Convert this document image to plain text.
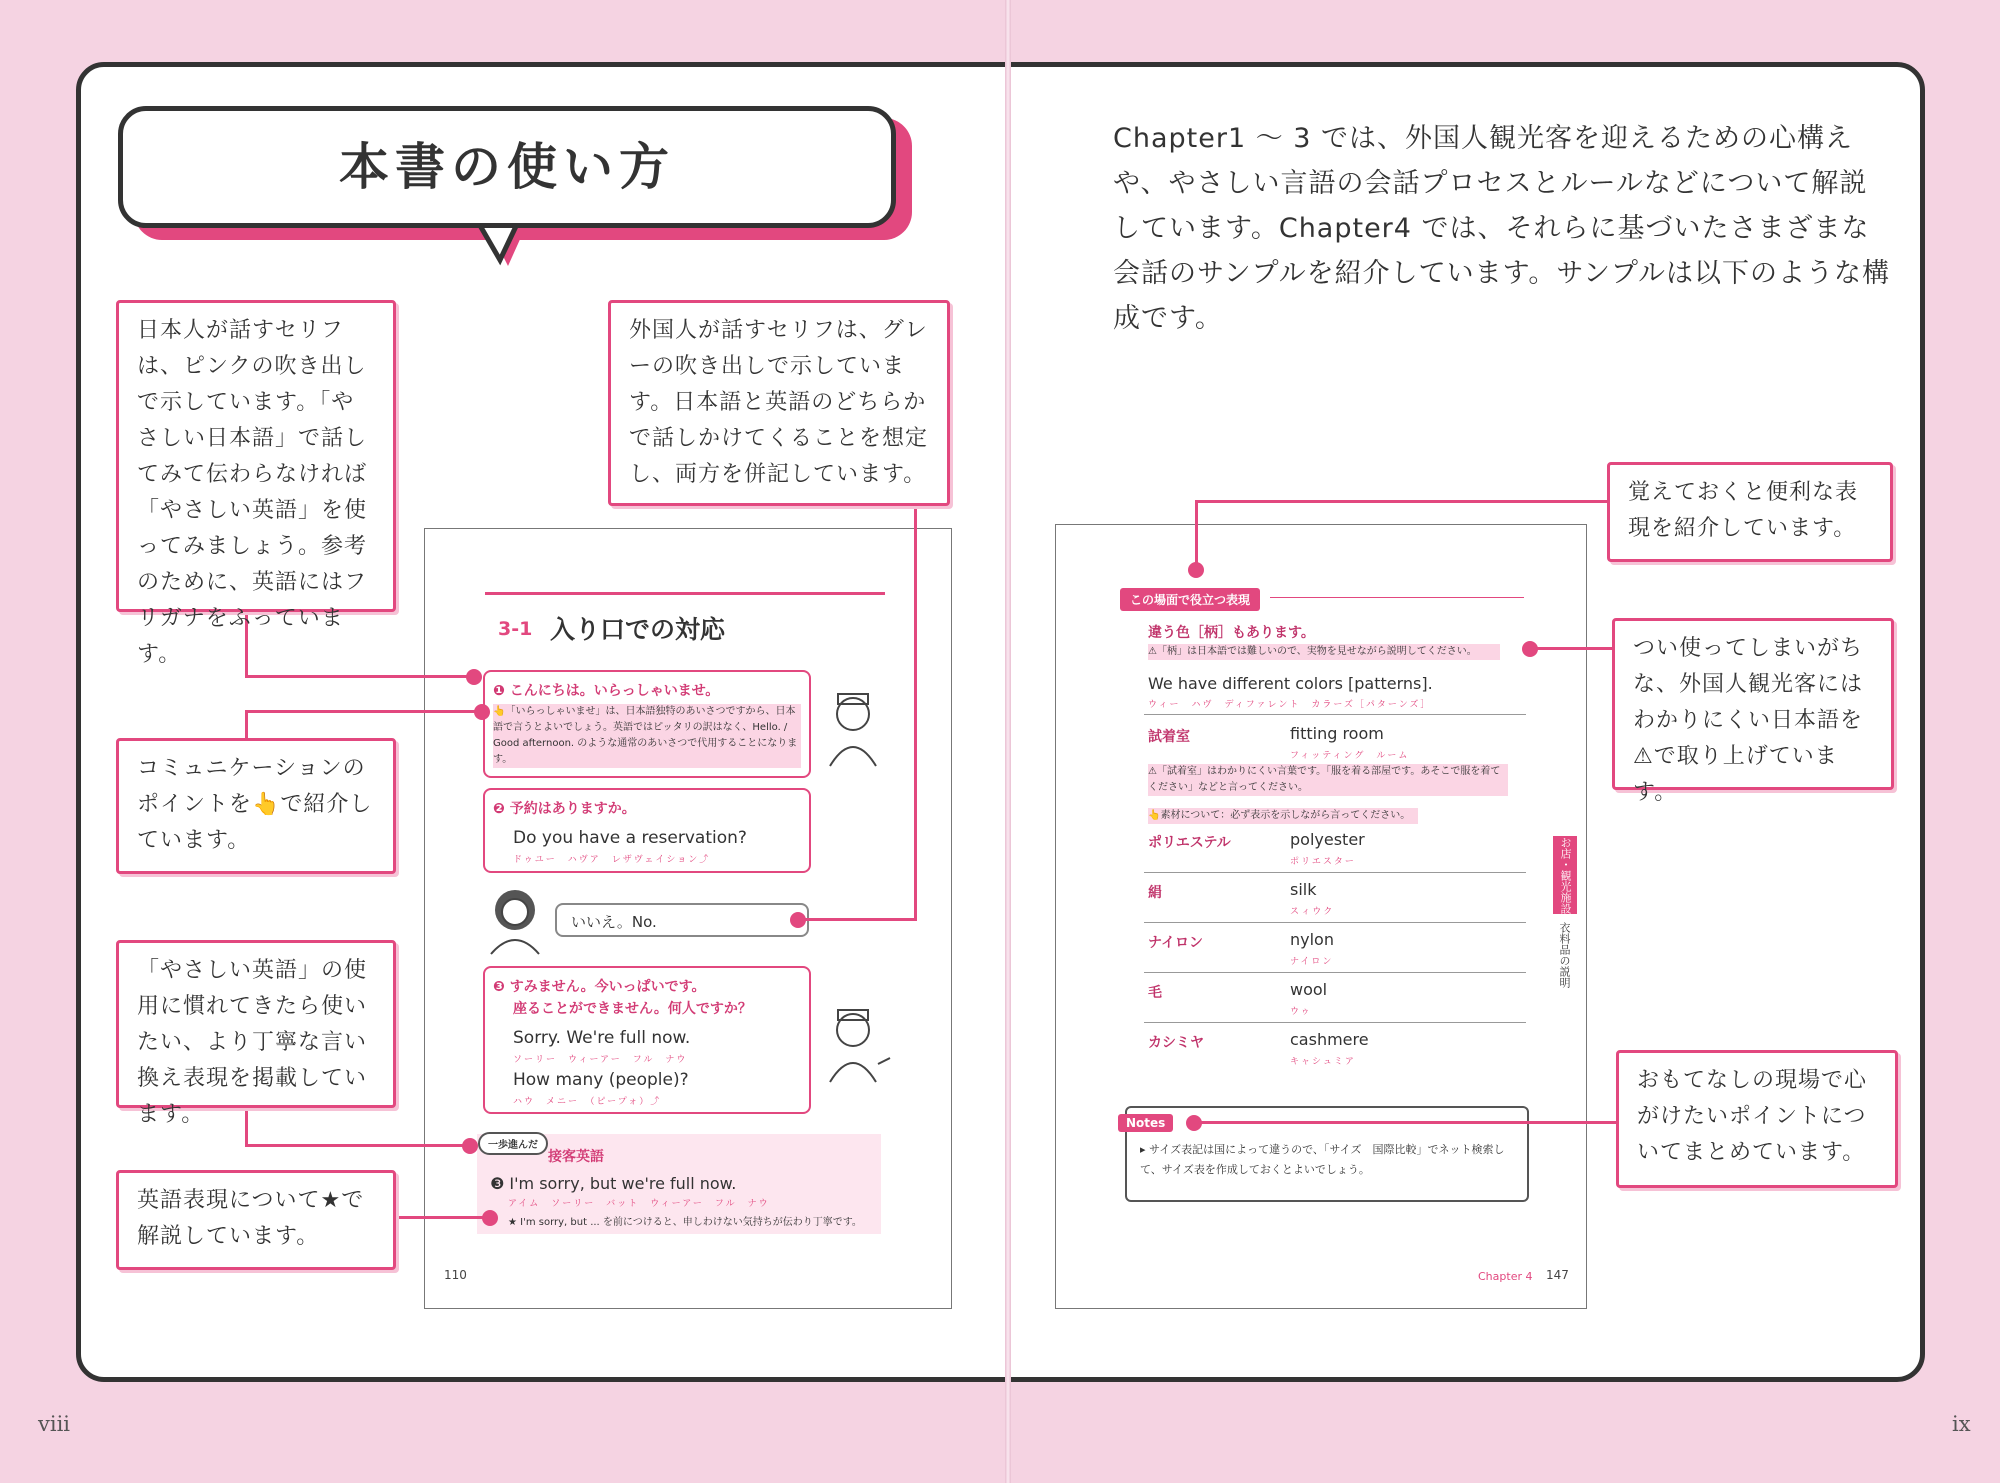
本書の使い方	Chapter1 ～ 3 では、外国人観光客を迎えるための心構えや、やさしい言語の会話プロセスとルールなどについて解説しています。Chapter4 では、それらに基づいたさまざまな会話のサンプルを紹介しています。サンプルは以下のような構成です。
3-1 入り口での対応
❶ こんにちは。いらっしゃいませ。
👆「いらっしゃいませ」は、日本語独特のあいさつですから、日本語で言うとよいでしょう。英語ではピッタリの訳はなく、Hello. / Good afternoon. のような通常のあいさつで代用することになります。
❷ 予約はありますか。
Do you have a reservation?
ドゥユー　ハヴア　レザヴェイション⤴
いいえ。No.
❸ すみません。今いっぱいです。
座ることができません。何人ですか？
Sorry. We're full now.
ソーリー　ウィーアー　フル　ナウ
How many (people)?
ハウ　メニー　（ピープォ）⤴
一歩進んだ
接客英語
❸ I'm sorry, but we're full now.
アイム　ソーリー　バット　ウィーアー　フル　ナウ
★ I'm sorry, but ... を前につけると、申しわけない気持ちが伝わり丁寧です。
110
この場面で役立つ表現
違う色［柄］もあります。
⚠「柄」は日本語では難しいので、実物を見せながら説明してください。
We have different colors [patterns].
ウィー　ハヴ　ディファレント　カラーズ［パターンズ］
試着室	fitting room
フィッティング　ルーム
⚠「試着室」はわかりにくい言葉です。「服を着る部屋です。あそこで服を着てください」などと言ってください。
👆素材について：必ず表示を示しながら言ってください。
ポリエステル	polyester
ポリエスター
絹	silk
スィウク
ナイロン	nylon
ナイロン
毛	wool
ウゥ
カシミヤ	cashmere
キャシュミア
お店・観光施設
衣料品の説明
Notes
▸ サイズ表記は国によって違うので、「サイズ　国際比較」でネット検索して、サイズ表を作成しておくとよいでしょう。
Chapter 4 147
日本人が話すセリフは、ピンクの吹き出しで示しています。「やさしい日本語」で話してみて伝わらなければ「やさしい英語」を使ってみましょう。参考のために、英語にはフリガナをふっています。
外国人が話すセリフは、グレーの吹き出しで示しています。日本語と英語のどちらかで話しかけてくることを想定し、両方を併記しています。
コミュニケーションのポイントを👆で紹介しています。
「やさしい英語」の使用に慣れてきたら使いたい、より丁寧な言い換え表現を掲載しています。
英語表現について★で解説しています。
覚えておくと便利な表現を紹介しています。
つい使ってしまいがちな、外国人観光客にはわかりにくい日本語を⚠で取り上げています。
おもてなしの現場で心がけたいポイントについてまとめています。
viii	ix
